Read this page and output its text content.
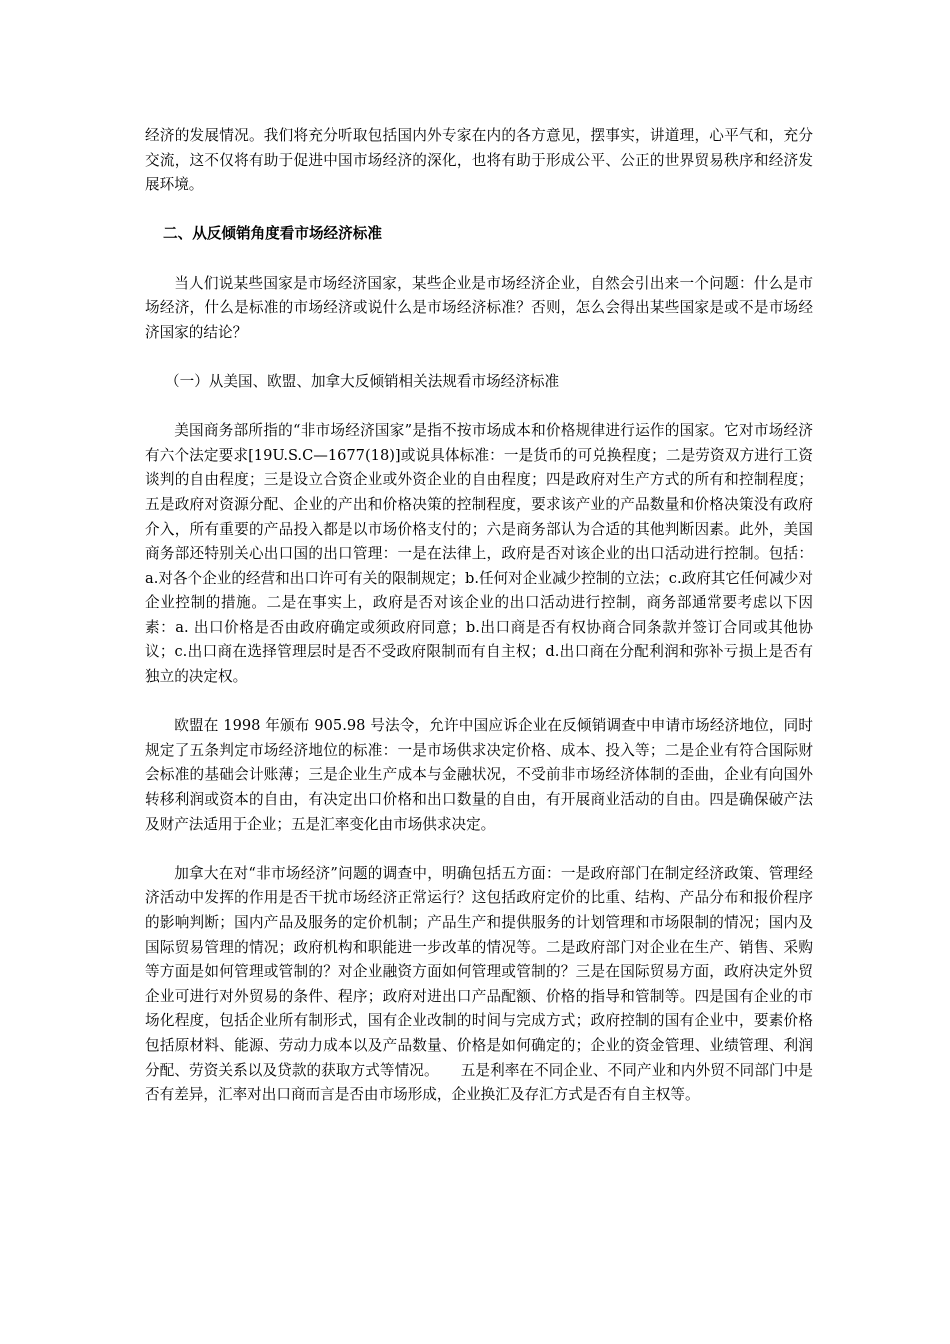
经济的发展情况。我们将充分听取包括国内外专家在内的各方意见，摆事实，讲道理，心平气和，充分交流，这不仅将有助于促进中国市场经济的深化，也将有助于形成公平、公正的世界贸易秩序和经济发展环境。

二、从反倾销角度看市场经济标准

当人们说某些国家是市场经济国家，某些企业是市场经济企业，自然会引出来一个问题：什么是市场经济，什么是标准的市场经济或说什么是市场经济标准？否则，怎么会得出某些国家是或不是市场经济国家的结论？

（一）从美国、欧盟、加拿大反倾销相关法规看市场经济标准

美国商务部所指的“非市场经济国家”是指不按市场成本和价格规律进行运作的国家。它对市场经济有六个法定要求[19U.S.C—1677(18)]或说具体标准：一是货币的可兑换程度；二是劳资双方进行工资谈判的自由程度；三是设立合资企业或外资企业的自由程度；四是政府对生产方式的所有和控制程度；五是政府对资源分配、企业的产出和价格决策的控制程度，要求该产业的产品数量和价格决策没有政府介入，所有重要的产品投入都是以市场价格支付的；六是商务部认为合适的其他判断因素。此外，美国商务部还特别关心出口国的出口管理：一是在法律上，政府是否对该企业的出口活动进行控制。包括：a.对各个企业的经营和出口许可有关的限制规定；b.任何对企业减少控制的立法；c.政府其它任何减少对企业控制的措施。二是在事实上，政府是否对该企业的出口活动进行控制，商务部通常要考虑以下因素：a. 出口价格是否由政府确定或须政府同意；b.出口商是否有权协商合同条款并签订合同或其他协议；c.出口商在选择管理层时是否不受政府限制而有自主权；d.出口商在分配利润和弥补亏损上是否有独立的决定权。

欧盟在 1998 年颁布 905.98 号法令，允许中国应诉企业在反倾销调查中申请市场经济地位，同时规定了五条判定市场经济地位的标准：一是市场供求决定价格、成本、投入等；二是企业有符合国际财会标准的基础会计账薄；三是企业生产成本与金融状况，不受前非市场经济体制的歪曲，企业有向国外转移利润或资本的自由，有决定出口价格和出口数量的自由，有开展商业活动的自由。四是确保破产法及财产法适用于企业；五是汇率变化由市场供求决定。

加拿大在对“非市场经济”问题的调查中，明确包括五方面：一是政府部门在制定经济政策、管理经济活动中发挥的作用是否干扰市场经济正常运行？这包括政府定价的比重、结构、产品分布和报价程序的影响判断；国内产品及服务的定价机制；产品生产和提供服务的计划管理和市场限制的情况；国内及国际贸易管理的情况；政府机构和职能进一步改革的情况等。二是政府部门对企业在生产、销售、采购等方面是如何管理或管制的？对企业融资方面如何管理或管制的？三是在国际贸易方面，政府决定外贸企业可进行对外贸易的条件、程序；政府对进出口产品配额、价格的指导和管制等。四是国有企业的市场化程度，包括企业所有制形式，国有企业改制的时间与完成方式；政府控制的国有企业中，要素价格包括原材料、能源、劳动力成本以及产品数量、价格是如何确定的；企业的资金管理、业绩管理、利润分配、劳资关系以及贷款的获取方式等情况。　　五是利率在不同企业、不同产业和内外贸不同部门中是否有差异，汇率对出口商而言是否由市场形成，企业换汇及存汇方式是否有自主权等。
